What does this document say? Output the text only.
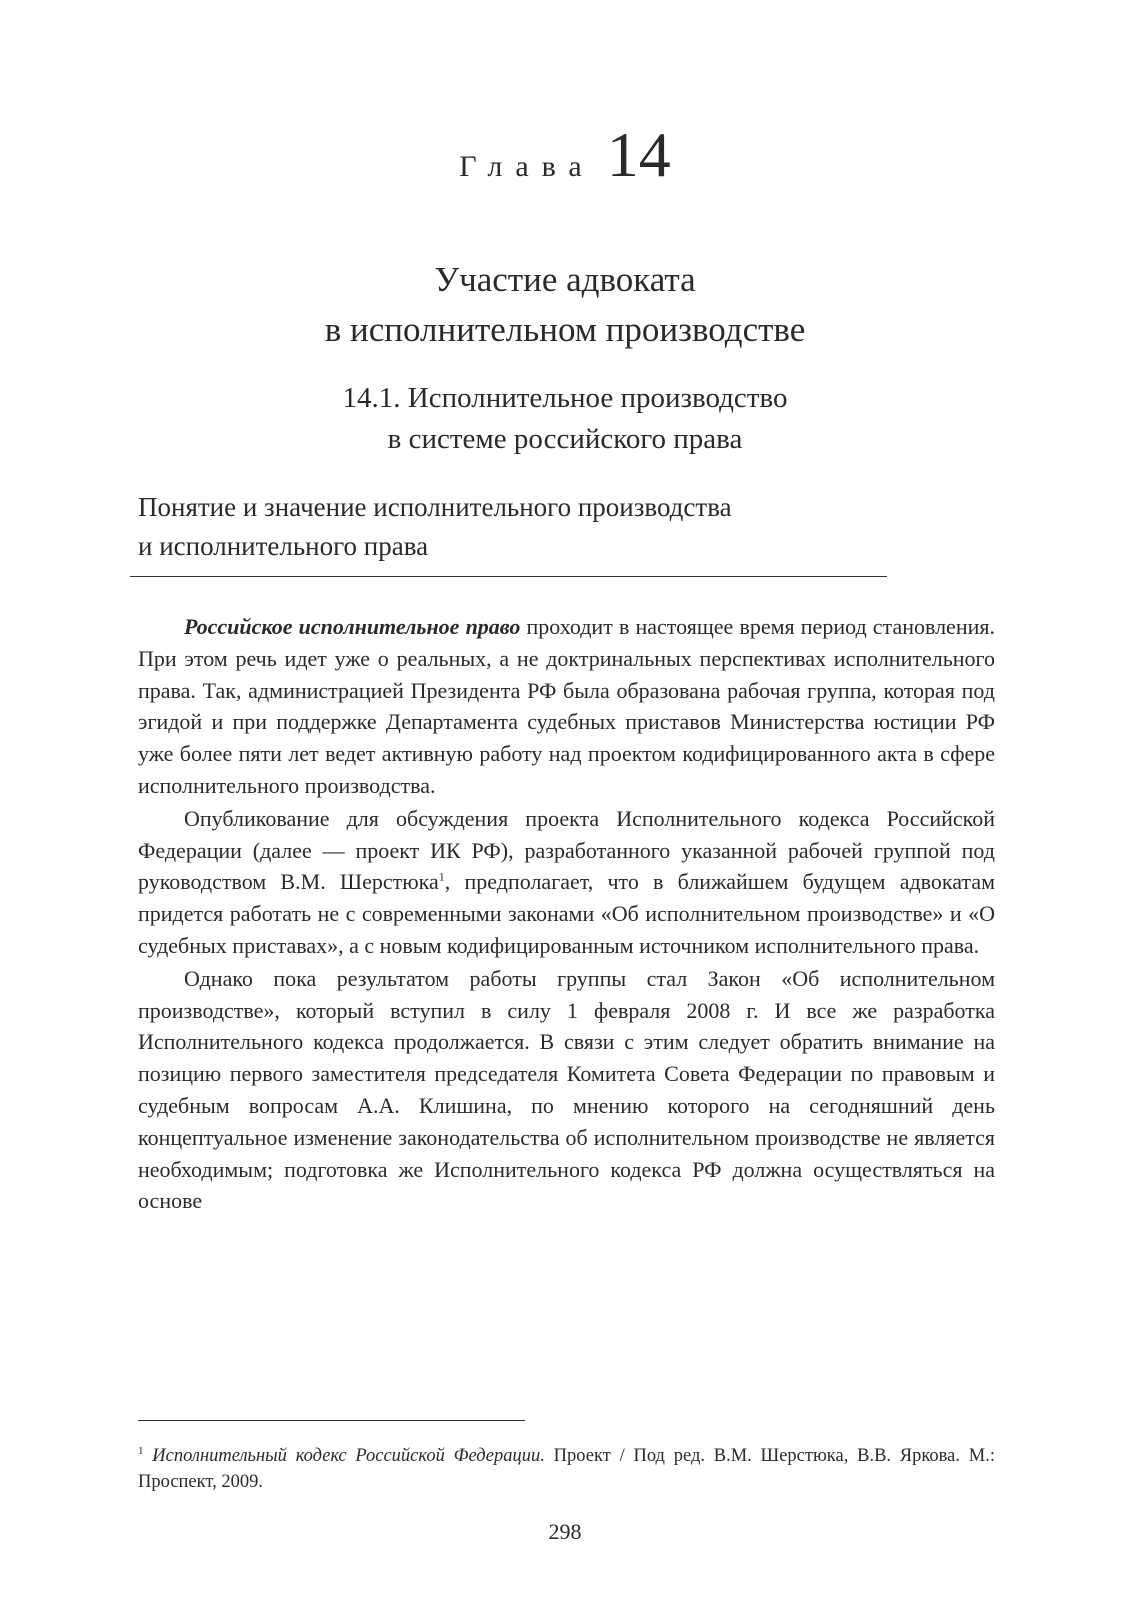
Глава 14
Участие адвоката
в исполнительном производстве
14.1. Исполнительное производство
в системе российского права
Понятие и значение исполнительного производства
и исполнительного права

Российское исполнительное право проходит в настоящее время период становления. При этом речь идет уже о реальных, а не доктринальных перспективах исполнительного права. Так, администрацией Президента РФ была образована рабочая группа, которая под эгидой и при поддержке Департамента судебных приставов Министерства юстиции РФ уже более пяти лет ведет активную работу над проектом кодифицированного акта в сфере исполнительного производства.

Опубликование для обсуждения проекта Исполнительного кодекса Российской Федерации (далее — проект ИК РФ), разработанного указанной рабочей группой под руководством В.М. Шерстюка$^1$, предполагает, что в ближайшем будущем адвокатам придется работать не с современными законами «Об исполнительном производстве» и «О судебных приставах», а с новым кодифицированным источником исполнительного права.

Однако пока результатом работы группы стал Закон «Об исполнительном производстве», который вступил в силу 1 февраля 2008 г. И все же разработка Исполнительного кодекса продолжается. В связи с этим следует обратить внимание на позицию первого заместителя председателя Комитета Совета Федерации по правовым и судебным вопросам А.А. Клишина, по мнению которого на сегодняшний день концептуальное изменение законодательства об исполнительном производстве не является необходимым; подготовка же Исполнительного кодекса РФ должна осуществляться на основе

$^1$ Исполнительный кодекс Российской Федерации. Проект / Под ред. В.М. Шерстюка, В.В. Яркова. М.: Проспект, 2009.
298
